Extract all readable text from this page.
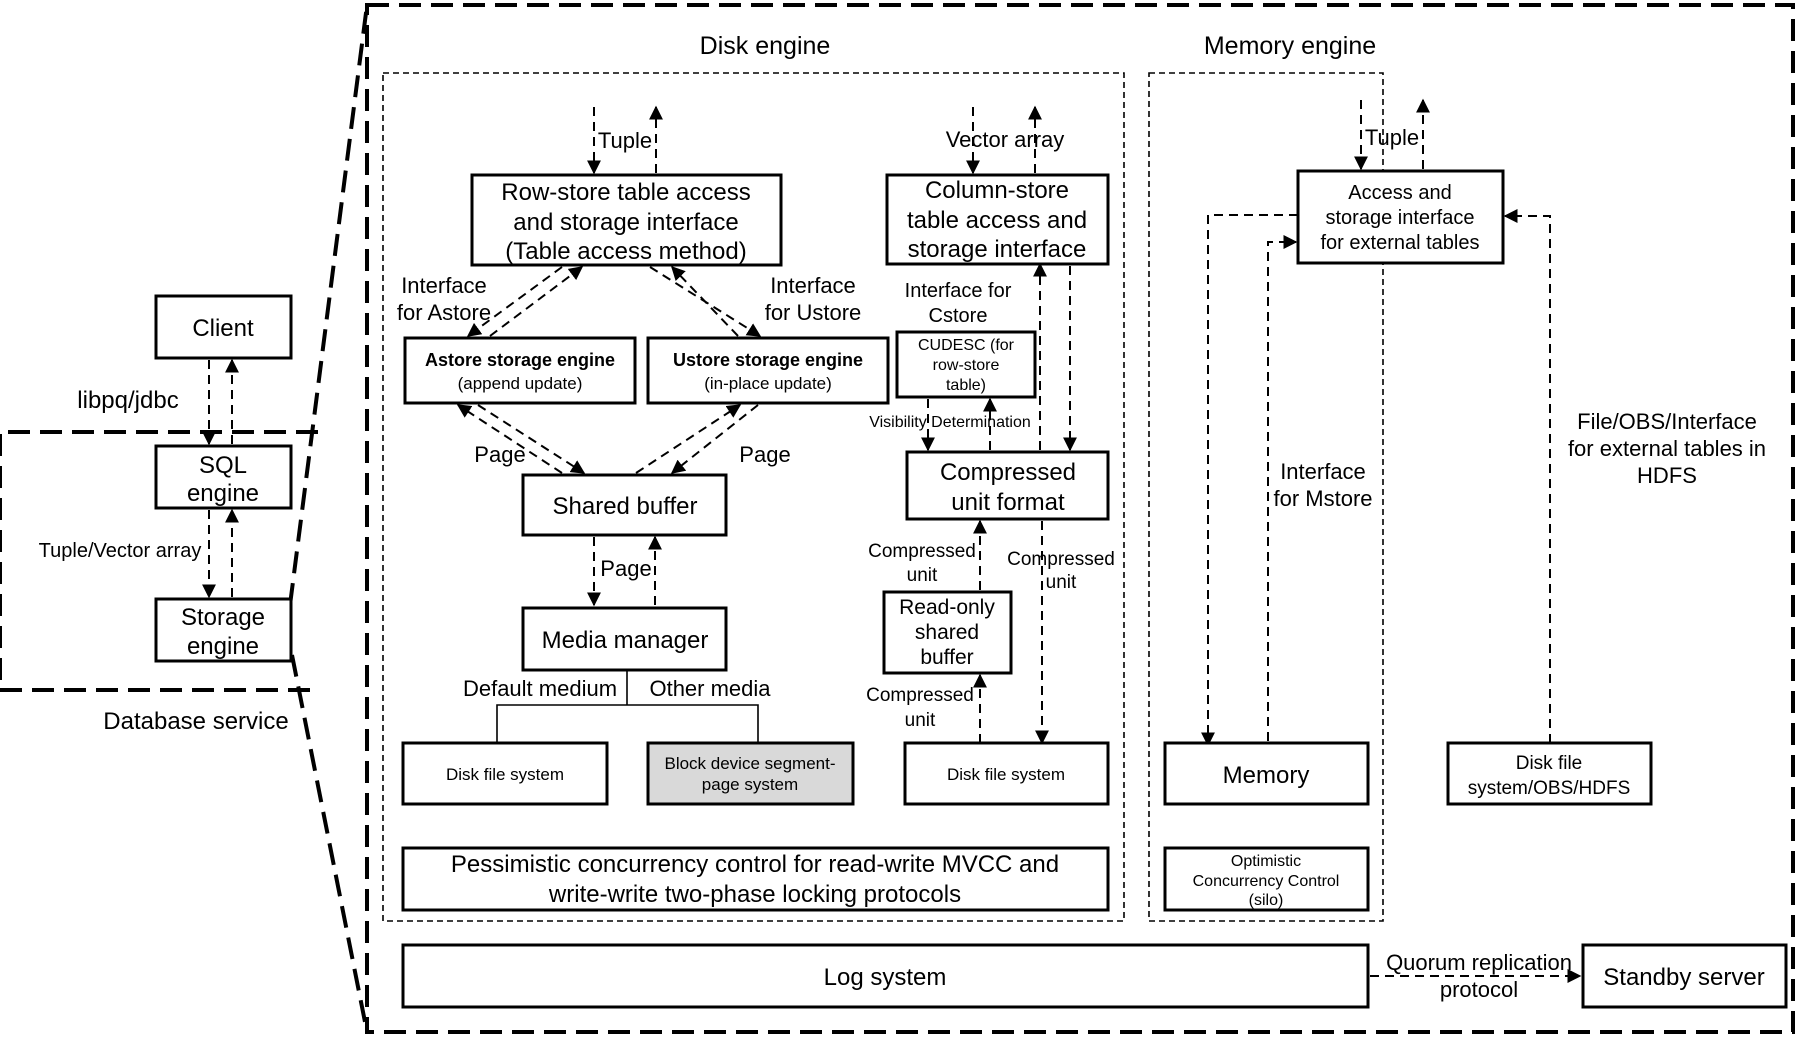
Client
libpq/jdbc
SQL
engine
Tuple/Vector array
Storage
engine
Database service
Disk engine
Tuple
Row-store table access
and storage interface
(Table access method)
Interface
for Astore
Interface
for Ustore
Astore storage engine
(append update)
Ustore storage engine
(in-place update)
Page	Page
Shared buffer
Page
Media manager
Default medium Other media
Disk file system
Block device segment-
page system
Vector array
Column-store
table access and
storage interface
Interface for
Cstore
CUDESC (for
row-store
table)
Visibility Determination
Compressed
unit format
Compressed
unit
Compressed
unit
Read-only
shared
buffer
Compressed
unit
Disk file system
Pessimistic concurrency control for read-write MVCC and
write-write two-phase locking protocols
Memory engine
Tuple
Access and
storage interface
for external tables
Interface
for Mstore
Memory
Optimistic
Concurrency Control
(silo)
File/OBS/Interface
for external tables in
HDFS
Disk file
system/OBS/HDFS
Log system
Quorum replication
protocol	Standby server
